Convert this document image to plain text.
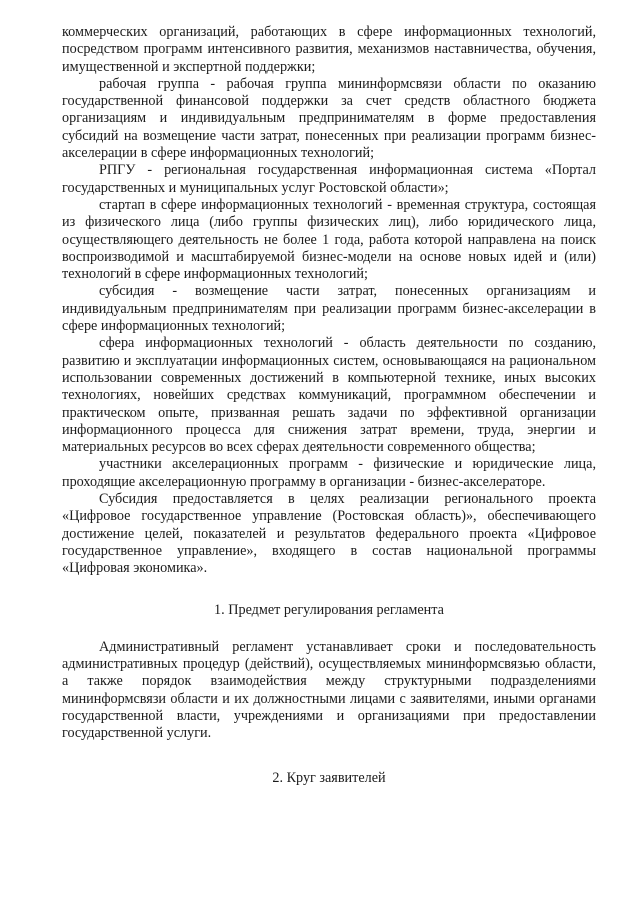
коммерческих организаций, работающих в сфере информационных технологий, посредством программ интенсивного развития, механизмов наставничества, обучения, имущественной и экспертной поддержки;

рабочая группа - рабочая группа мининформсвязи области по оказанию государственной финансовой поддержки за счет средств областного бюджета организациям и индивидуальным предпринимателям в форме предоставления субсидий на возмещение части затрат, понесенных при реализации программ бизнес-акселерации в сфере информационных технологий;

РПГУ - региональная государственная информационная система «Портал государственных и муниципальных услуг Ростовской области»;

стартап в сфере информационных технологий - временная структура, состоящая из физического лица (либо группы физических лиц), либо юридического лица, осуществляющего деятельность не более 1 года, работа которой направлена на поиск воспроизводимой и масштабируемой бизнес-модели на основе новых идей и (или) технологий в сфере информационных технологий;

субсидия - возмещение части затрат, понесенных организациям и индивидуальным предпринимателям при реализации программ бизнес-акселерации в сфере информационных технологий;

сфера информационных технологий - область деятельности по созданию, развитию и эксплуатации информационных систем, основывающаяся на рациональном использовании современных достижений в компьютерной технике, иных высоких технологиях, новейших средствах коммуникаций, программном обеспечении и практическом опыте, призванная решать задачи по эффективной организации информационного процесса для снижения затрат времени, труда, энергии и материальных ресурсов во всех сферах деятельности современного общества;

участники акселерационных программ - физические и юридические лица, проходящие акселерационную программу в организации - бизнес-акселераторе.

Субсидия предоставляется в целях реализации регионального проекта «Цифровое государственное управление (Ростовская область)», обеспечивающего достижение целей, показателей и результатов федерального проекта «Цифровое государственное управление», входящего в состав национальной программы «Цифровая экономика».

1. Предмет регулирования регламента

Административный регламент устанавливает сроки и последовательность административных процедур (действий), осуществляемых мининформсвязью области, а также порядок взаимодействия между структурными подразделениями мининформсвязи области и их должностными лицами с заявителями, иными органами государственной власти, учреждениями и организациями при предоставлении государственной услуги.

2. Круг заявителей
